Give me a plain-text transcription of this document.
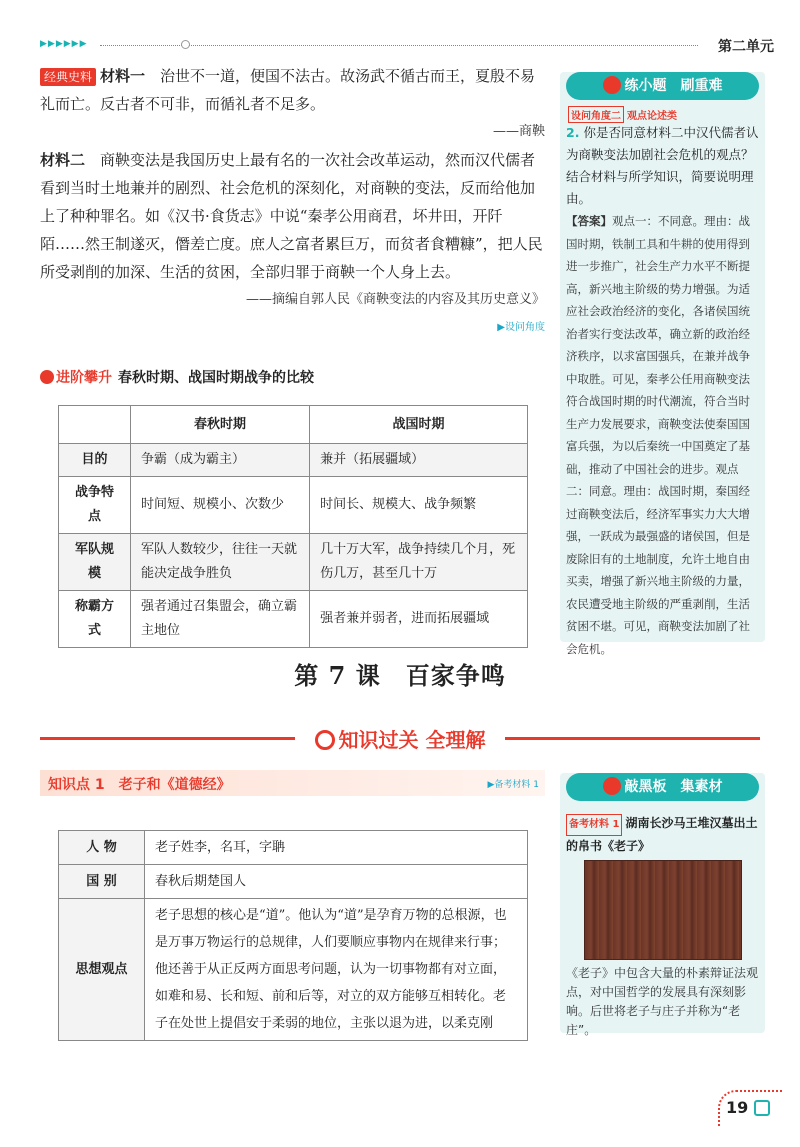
▶▶▶▶▶▶	第二单元
经典史料 材料一　 治世不一道，便国不法古。故汤武不循古而王，夏殷不易礼而亡。反古者不可非，而循礼者不足多。
——商鞅
材料二　 商鞅变法是我国历史上最有名的一次社会改革运动，然而汉代儒者看到当时土地兼并的剧烈、社会危机的深刻化，对商鞅的变法，反而给他加上了种种罪名。如《汉书·食货志》中说“秦孝公用商君，坏井田，开阡陌……然王制遂灭，僭差亡度。庶人之富者累巨万，而贫者食糟糠”，把人民所受剥削的加深、生活的贫困，全部归罪于商鞅一个人身上去。
——摘编自郭人民《商鞅变法的内容及其历史意义》
▶设问角度
进阶攀升 春秋时期、战国时期战争的比较
	春秋时期	战国时期
目的	争霸（成为霸主）	兼并（拓展疆域）
战争特点	时间短、规模小、次数少	时间长、规模大、战争频繁
军队规模	军队人数较少，往往一天就能决定战争胜负	几十万大军，战争持续几个月，死伤几万，甚至几十万
称霸方式	强者通过召集盟会，确立霸主地位	强者兼并弱者，进而拓展疆域
第 7 课　百家争鸣
知识过关 全理解
知识点 1　老子和《道德经》	▶备考材料 1
人 物	老子姓李，名耳，字聃
国 别	春秋后期楚国人
思想观点	老子思想的核心是“道”。他认为“道”是孕育万物的总根源，也是万事万物运行的总规律，人们要顺应事物内在规律来行事；他还善于从正反两方面思考问题，认为一切事物都有对立面，如难和易、长和短、前和后等，对立的双方能够互相转化。老子在处世上提倡安于柔弱的地位，主张以退为进，以柔克刚
练小题　刷重难
设问角度二 观点论述类
2. 你是否同意材料二中汉代儒者认为商鞅变法加剧社会危机的观点？结合材料与所学知识，简要说明理由。
【答案】观点一：不同意。理由：战国时期，铁制工具和牛耕的使用得到进一步推广，社会生产力水平不断提高，新兴地主阶级的势力增强。为适应社会政治经济的变化，各诸侯国统治者实行变法改革，确立新的政治经济秩序，以求富国强兵，在兼并战争中取胜。可见，秦孝公任用商鞅变法符合战国时期的时代潮流，符合当时生产力发展要求，商鞅变法使秦国国富兵强，为以后秦统一中国奠定了基础，推动了中国社会的进步。观点二：同意。理由：战国时期，秦国经过商鞅变法后，经济军事实力大大增强，一跃成为最强盛的诸侯国，但是废除旧有的土地制度，允许土地自由买卖，增强了新兴地主阶级的力量，农民遭受地主阶级的严重剥削，生活贫困不堪。可见，商鞅变法加剧了社会危机。
敲黑板　集素材
备考材料 1 湖南长沙马王堆汉墓出土的帛书《老子》
《老子》中包含大量的朴素辩证法观点，对中国哲学的发展具有深刻影响。后世将老子与庄子并称为“老庄”。
19
